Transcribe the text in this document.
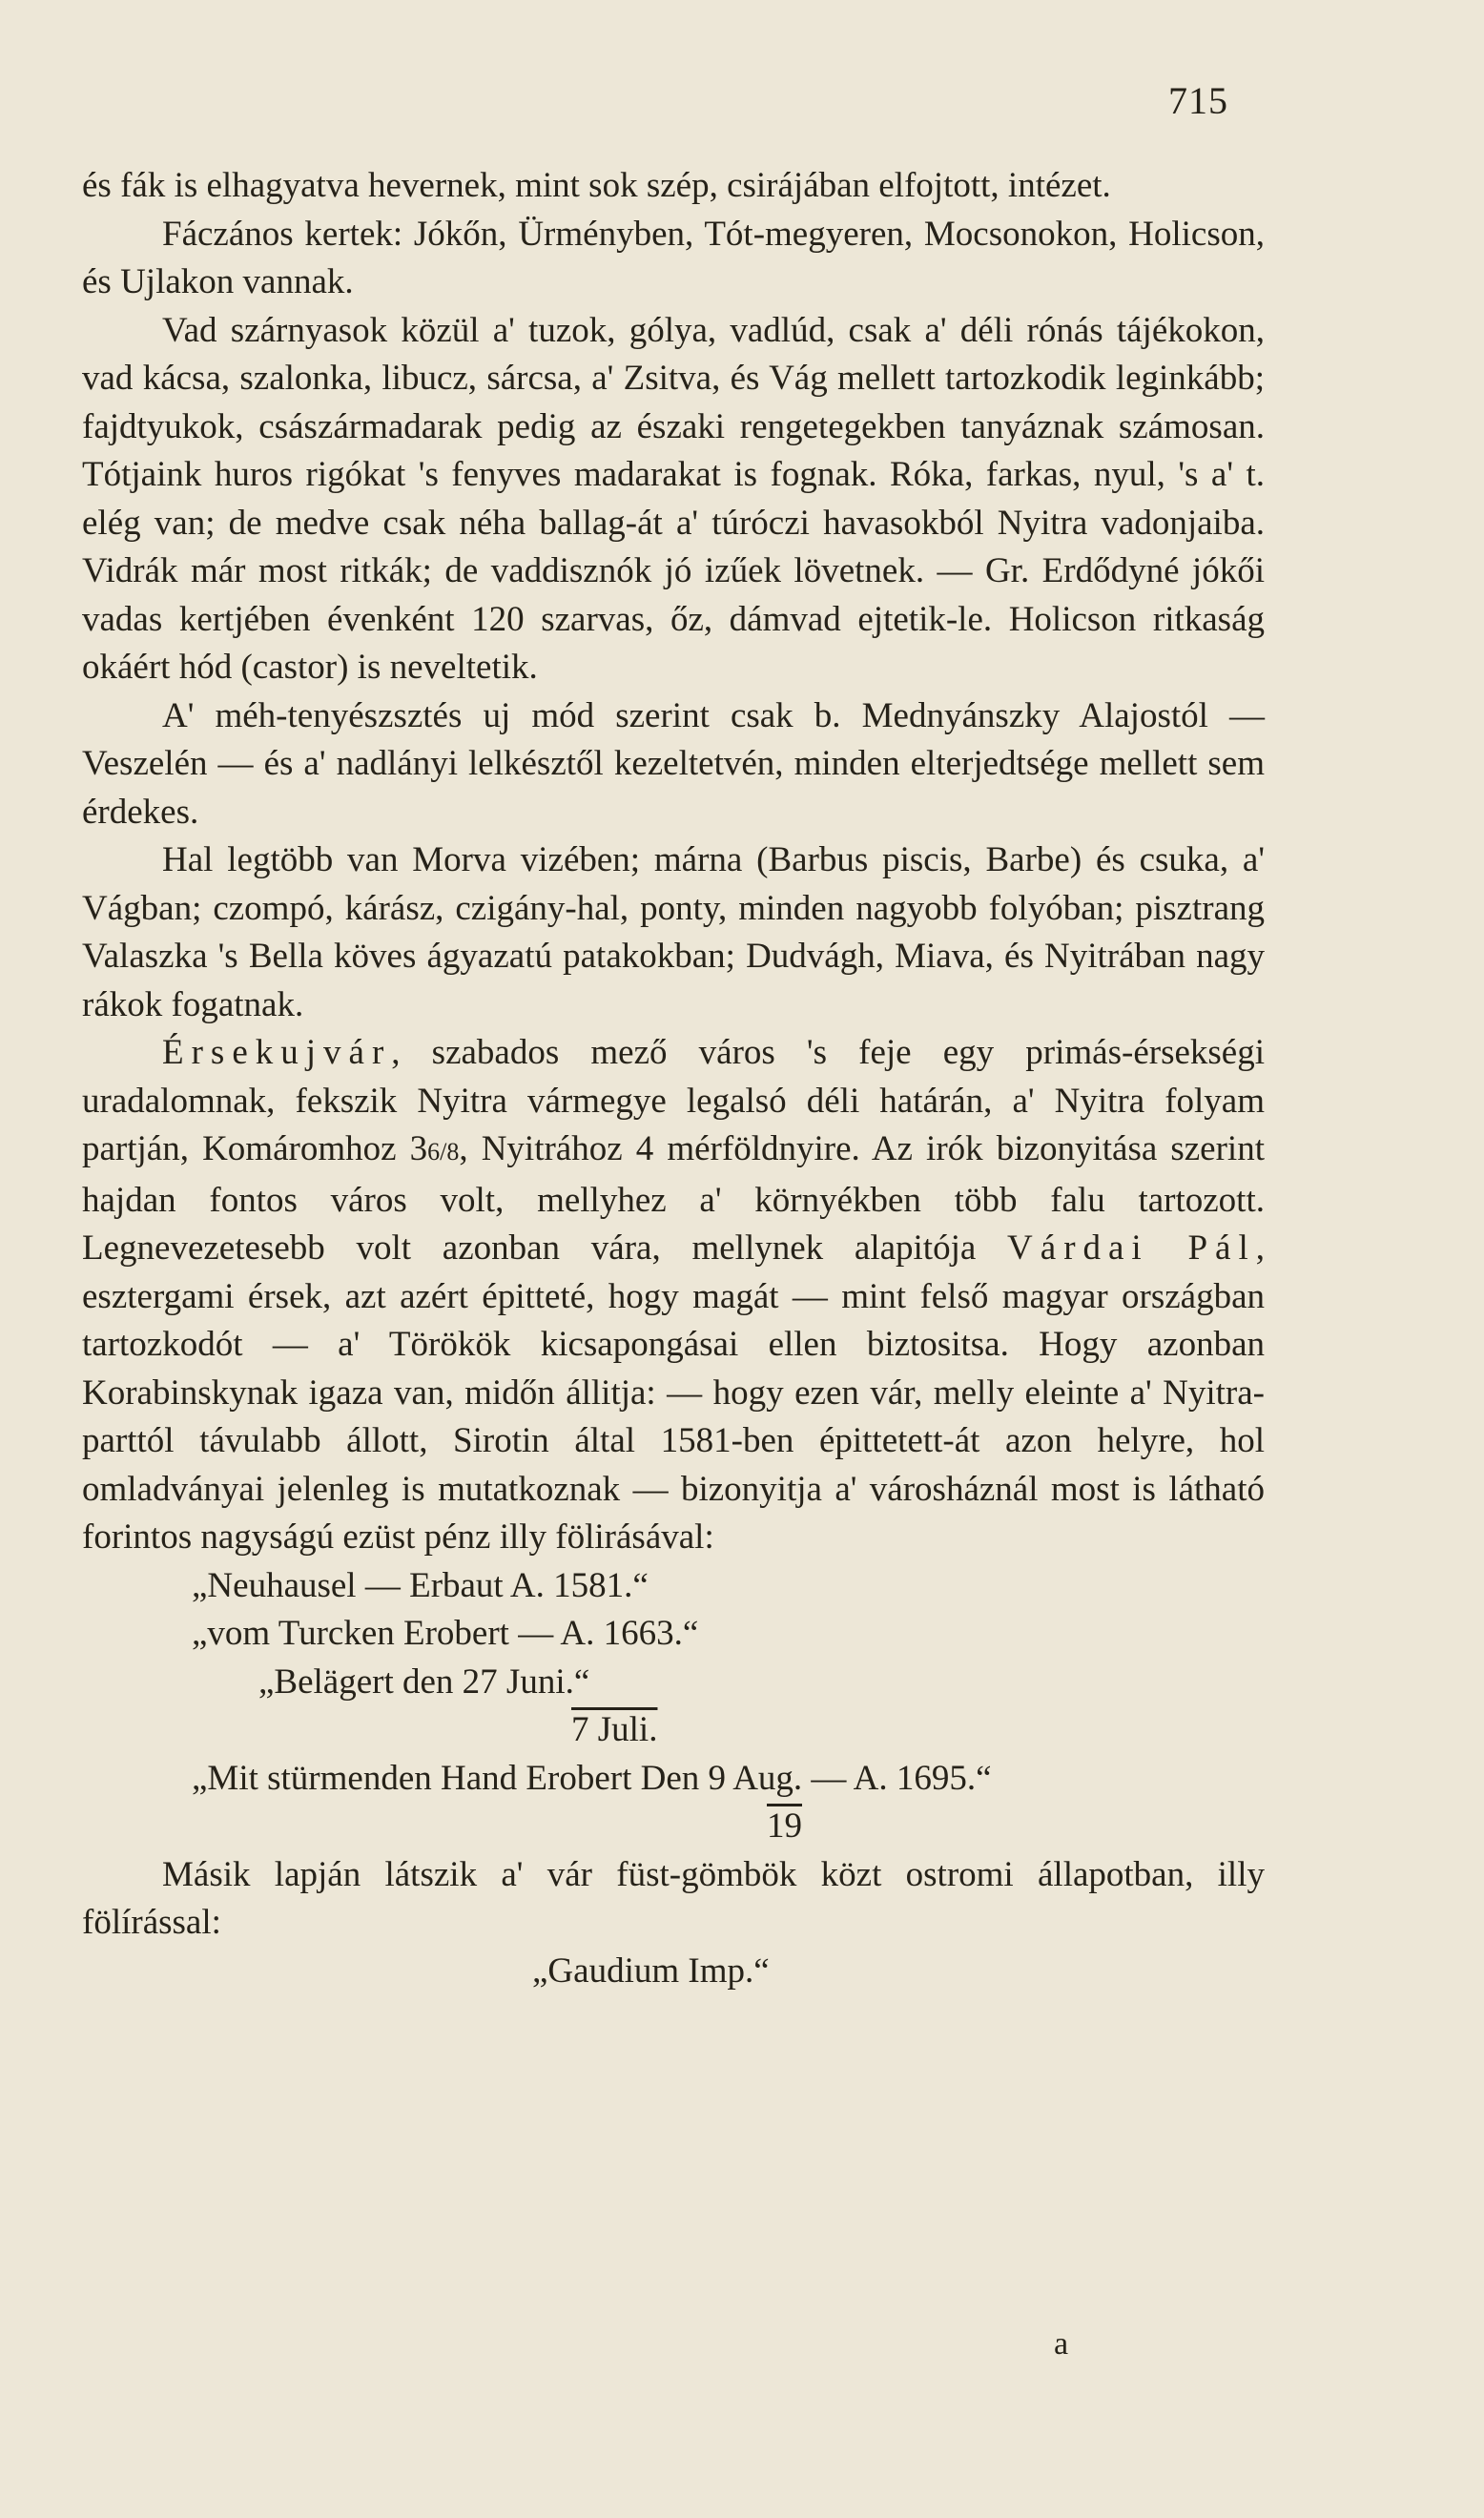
715

és fák is elhagyatva hevernek, mint sok szép, csirájában elfojtott, intézet.

Fáczános kertek: Jókőn, Ürményben, Tót-megyeren, Mocsonokon, Holicson, és Ujlakon vannak.

Vad szárnyasok közül a' tuzok, gólya, vadlúd, csak a' déli rónás tájékokon, vad kácsa, szalonka, libucz, sárcsa, a' Zsitva, és Vág mellett tartozkodik leginkább; fajdtyukok, császármadarak pedig az északi rengetegekben tanyáznak számosan. Tótjaink huros rigókat 's fenyves madarakat is fognak. Róka, farkas, nyul, 's a' t. elég van; de medve csak néha ballag-át a' túróczi havasokból Nyitra vadonjaiba. Vidrák már most ritkák; de vaddisznók jó izűek lövetnek. — Gr. Erdődyné jókői vadas kertjében évenként 120 szarvas, őz, dámvad ejtetik-le. Holicson ritkaság okáért hód (castor) is neveltetik.

A' méh-tenyészsztés uj mód szerint csak b. Mednyánszky Alajostól — Veszelén — és a' nadlányi lelkésztől kezeltetvén, minden elterjedtsége mellett sem érdekes.

Hal legtöbb van Morva vizében; márna (Barbus piscis, Barbe) és csuka, a' Vágban; czompó, kárász, czigány-hal, ponty, minden nagyobb folyóban; pisztrang Valaszka 's Bella köves ágyazatú patakokban; Dudvágh, Miava, és Nyitrában nagy rákok fogatnak.

Érsekujvár, szabados mező város 's feje egy primás-érsekségi uradalomnak, fekszik Nyitra vármegye legalsó déli határán, a' Nyitra folyam partján, Komáromhoz 36/8, Nyitrához 4 mérföldnyire. Az irók bizonyitása szerint hajdan fontos város volt, mellyhez a' környékben több falu tartozott. Legnevezetesebb volt azonban vára, mellynek alapitója Várdai Pál, esztergami érsek, azt azért épitteté, hogy magát — mint felső magyar országban tartozkodót — a' Törökök kicsapongásai ellen biztositsa. Hogy azonban Korabinskynak igaza van, midőn állitja: — hogy ezen vár, melly eleinte a' Nyitra-parttól távulabb állott, Sirotin által 1581-ben épittetett-át azon helyre, hol omladványai jelenleg is mutatkoznak — bizonyitja a' városháznál most is látható forintos nagyságú ezüst pénz illy fölirásával:

„Neuhausel — Erbaut A. 1581.“
„vom Turcken Erobert — A. 1663.“
„Belägert den 27 Juni.“
7 Juli.
„Mit stürmenden Hand Erobert Den 9 Aug. — A. 1695.“
19

Másik lapján látszik a' vár füst-gömbök közt ostromi állapotban, illy fölírással:

„Gaudium Imp.“
a
